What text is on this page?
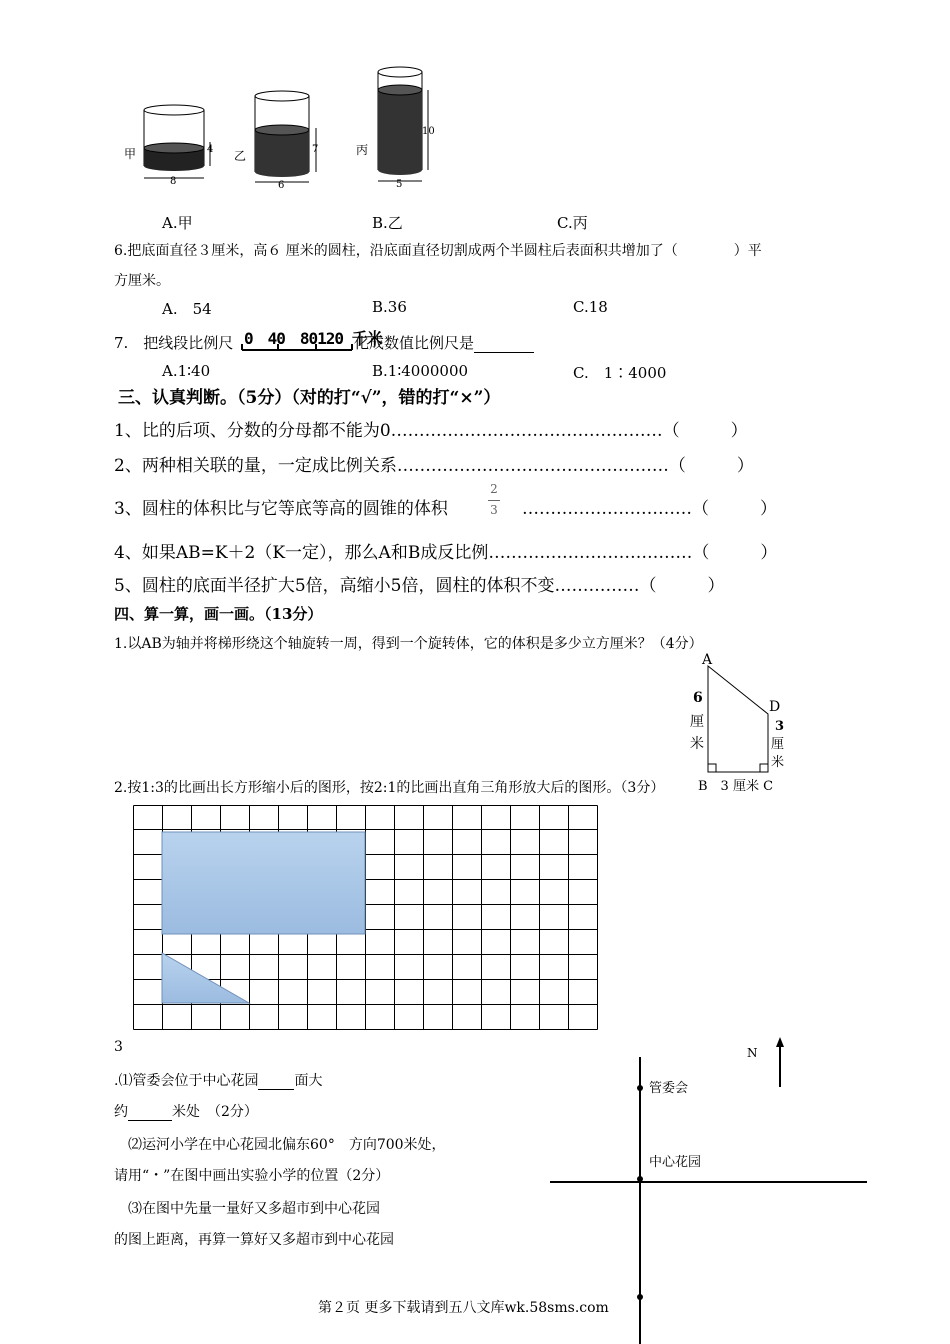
甲	4
8
乙	7
6
丙
10
5
A.甲	B.乙	C.丙
6.把底面直径３厘米，高６ 厘米的圆柱，沿底面直径切割成两个半圆柱后表面积共增加了（　　　　）平
方厘米。
A.　54	B.36	C.18
7.　把线段比例尺 0　40　80120 千米
化成数值比例尺是
A.1∶40	B.1∶4000000	C.　1∶4000
三、认真判断。（5分）（对的打“√”，错的打“×”）
1、比的后项、分数的分母都不能为0…………………………………………（　　　）
2、两种相关联的量，一定成比例关系…………………………………………（　　　）
3、圆柱的体积比与它等底等高的圆锥的体积
2
3 …………………………（　　　）
4、如果AB=K＋2（K一定），那么A和B成反比例………………………………（　　　）
5、圆柱的底面半径扩大5倍，高缩小5倍，圆柱的体积不变……………（　　　）
四、算一算，画一画。（13分）
1.以AB为轴并将梯形绕这个轴旋转一周，得到一个旋转体，它的体积是多少立方厘米？（4分）
A
D
6
厘
米
3
厘
米
B　3 厘米 C
2.按1:3的比画出长方形缩小后的图形，按2:1的比画出直角三角形放大后的图形。（3分）
3
.⑴管委会位于中心花园	面大
约	米处　（2分）
⑵运河小学在中心花园北偏东60°　方向700米处，
请用“・”在图中画出实验小学的位置（2分）
⑶在图中先量一量好又多超市到中心花园
的图上距离，再算一算好又多超市到中心花园
管委会
中心花园
N
第２页 更多下载请到五八文库wk.58sms.com
